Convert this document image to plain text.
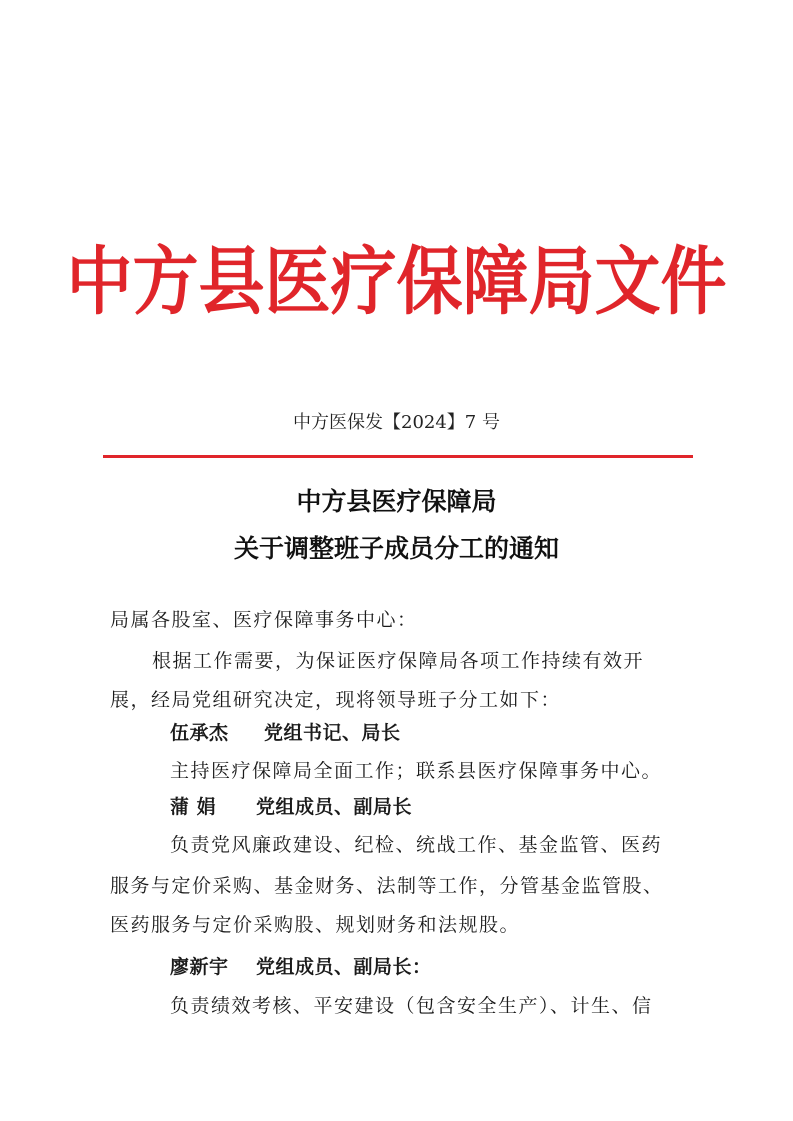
中方县医疗保障局文件
中方医保发【2024】7 号
中方县医疗保障局
关于调整班子成员分工的通知
局属各股室、医疗保障事务中心：
根据工作需要，为保证医疗保障局各项工作持续有效开
展，经局党组研究决定，现将领导班子分工如下：
伍承杰 党组书记、局长
主持医疗保障局全面工作；联系县医疗保障事务中心。
蒲 娟 党组成员、副局长
负责党风廉政建设、纪检、统战工作、基金监管、医药
服务与定价采购、基金财务、法制等工作，分管基金监管股、
医药服务与定价采购股、规划财务和法规股。
廖新宇 党组成员、副局长：
负责绩效考核、平安建设（包含安全生产）、计生、信
